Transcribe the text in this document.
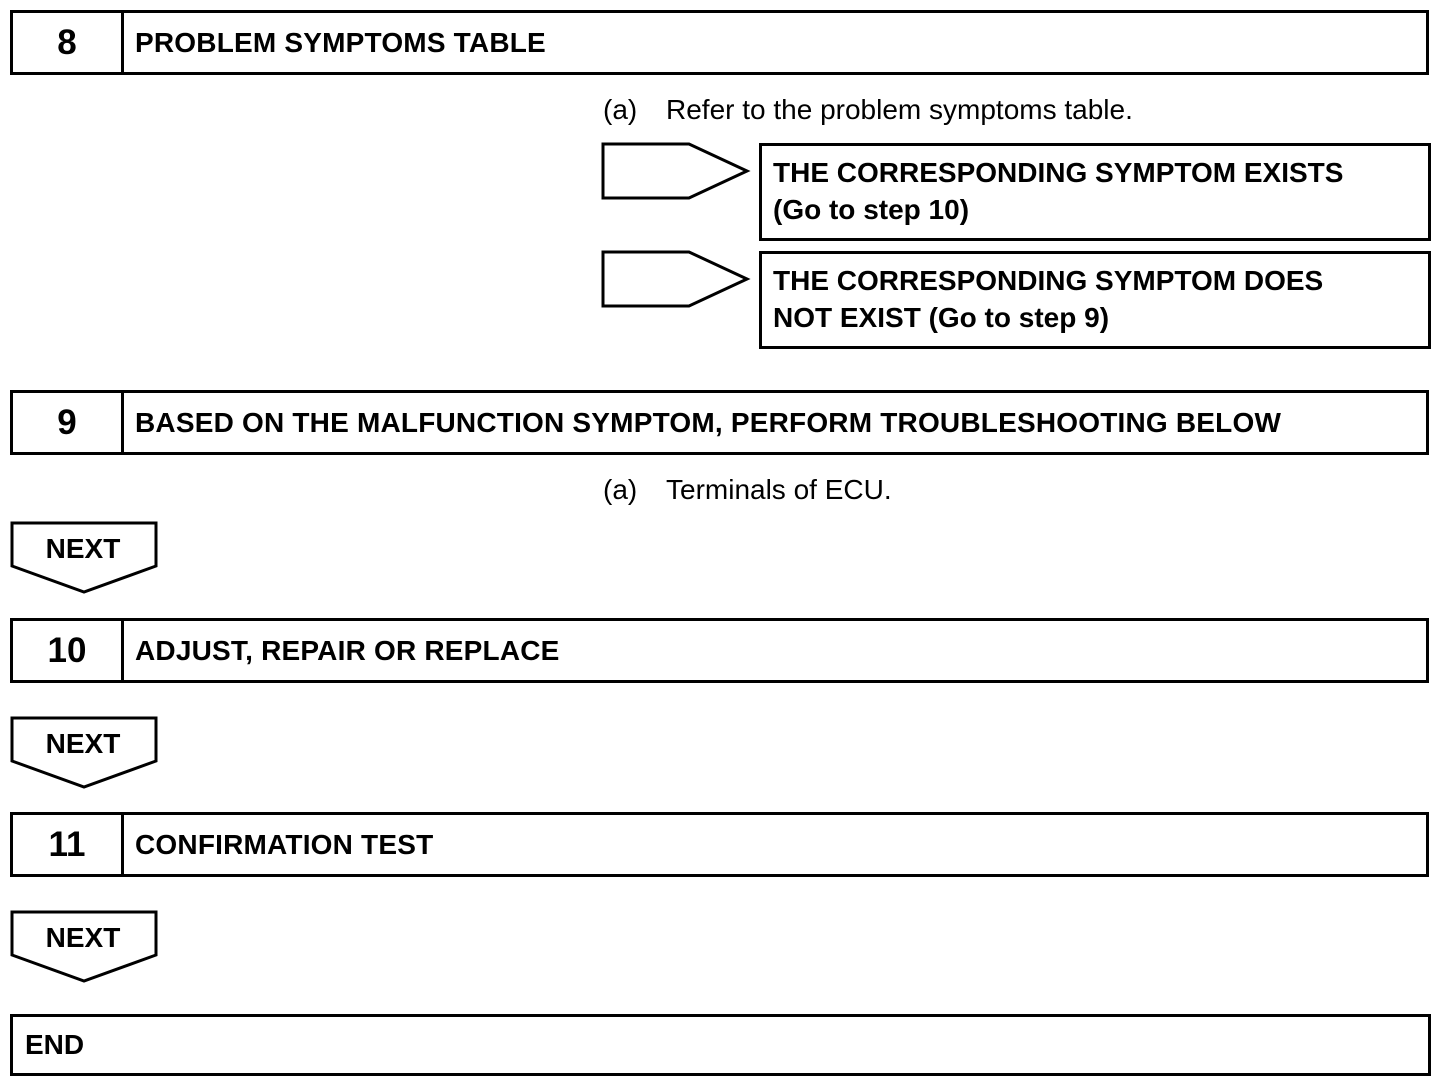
8	PROBLEM SYMPTOMS TABLE
(a) Refer to the problem symptoms table.
THE CORRESPONDING SYMPTOM EXISTS
(Go to step 10)
THE CORRESPONDING SYMPTOM DOES
NOT EXIST (Go to step 9)
9	BASED ON THE MALFUNCTION SYMPTOM, PERFORM TROUBLESHOOTING BELOW
(a) Terminals of ECU.
NEXT
10	ADJUST, REPAIR OR REPLACE
NEXT
11	CONFIRMATION TEST
NEXT
END
